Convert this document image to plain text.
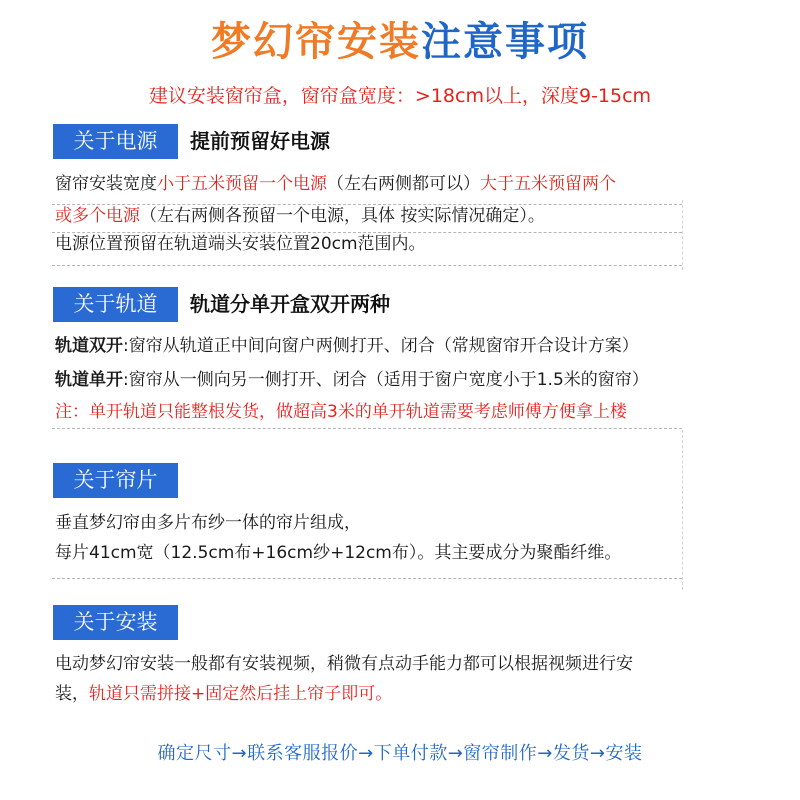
梦幻帘安装注意事项
建议安装窗帘盒，窗帘盒宽度：>18cm以上，深度9-15cm
关于电源	提前预留好电源
窗帘安装宽度小于五米预留一个电源（左右两侧都可以）大于五米预留两个
或多个电源（左右两侧各预留一个电源，具体 按实际情况确定）。
电源位置预留在轨道端头安装位置20cm范围内。
关于轨道	轨道分单开盒双开两种
轨道双开:窗帘从轨道正中间向窗户两侧打开、闭合（常规窗帘开合设计方案）
轨道单开:窗帘从一侧向另一侧打开、闭合（适用于窗户宽度小于1.5米的窗帘）
注：单开轨道只能整根发货，做超高3米的单开轨道需要考虑师傅方便拿上楼
关于帘片
垂直梦幻帘由多片布纱一体的帘片组成，
每片41cm宽（12.5cm布+16cm纱+12cm布）。其主要成分为聚酯纤维。
关于安装
电动梦幻帘安装一般都有安装视频，稍微有点动手能力都可以根据视频进行安
装，轨道只需拼接+固定然后挂上帘子即可。
确定尺寸→联系客服报价→下单付款→窗帘制作→发货→安装
